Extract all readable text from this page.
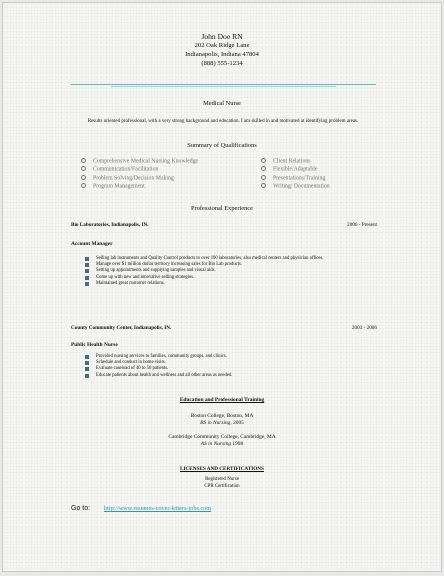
John Doe RN
202 Oak Ridge Lane
Indianapolis, Indiana 47804
(888) 555-1234
Medical Nurse
Results oriented professional, with a very strong background and education. I am skilled in and motivated at identifying problem areas.
Summary of Qualifications
Comprehensive Medical Nursing Knowledge
Communication/Facilitation
Problem Solving/Decision Making
Program Management
Client Relations
Flexible/Adaptable
Presentations/Training
Writing/ Documentation
Professional Experience
Bio Laboratories, Indianapolis, IN.	2006 - Present
Account Manager
Selling lab instruments and Quality Control products to over 100 laboratories, also medical centers and physician offices.
Manage over $1 million dollar territory increasing sales for Bio Lab products.
Setting up appointments and supplying samples and visual aids.
Come up with new and innovative selling strategies.
Maintained great customer relations.
County Community Center, Indianapolis, IN.	2003 - 2006
Public Health Nurse
Provided nursing services to families, community groups, and clinics.
Schedule and conduct in home visits.
Evaluate caseload of 40 to 50 patients.
Educate patients about health and wellness and all other areas as needed.
Education and Professional Training
Boston College, Boston, MA
BS in Nursing, 2005
Cambridge Community College, Cambridge, MA
AS in Nursing 1998
LICENSES AND CERTIFICATIONS
Registered Nurse
CPR Certification
Go to: http://www.resumes-cover-letters-jobs.com
